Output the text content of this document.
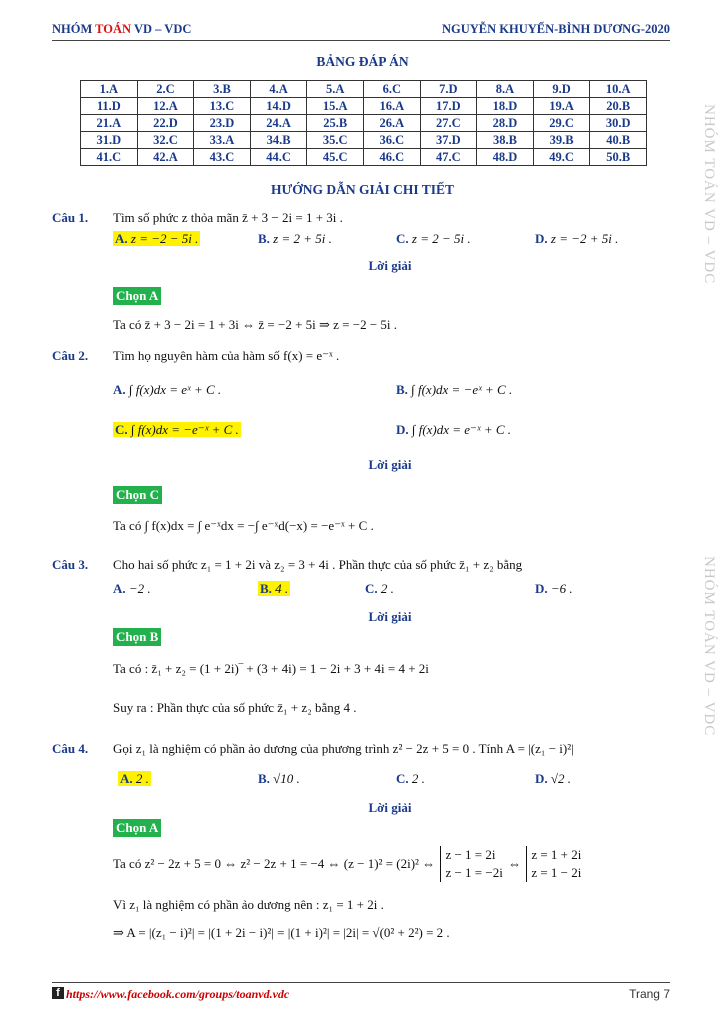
NHÓM TOÁN VD – VDC	NGUYỄN KHUYẾN-BÌNH DƯƠNG-2020
NHÓM TOÁN VD – VDC
NHÓM TOÁN VD – VDC
BẢNG ĐÁP ÁN
1.A	2.C	3.B	4.A	5.A	6.C	7.D	8.A	9.D	10.A
11.D	12.A	13.C	14.D	15.A	16.A	17.D	18.D	19.A	20.B
21.A	22.D	23.D	24.A	25.B	26.A	27.C	28.D	29.C	30.D
31.D	32.C	33.A	34.B	35.C	36.C	37.D	38.B	39.B	40.B
41.C	42.A	43.C	44.C	45.C	46.C	47.C	48.D	49.C	50.B
HƯỚNG DẪN GIẢI CHI TIẾT
Câu 1. Tìm số phức z thỏa mãn z̄ + 3 − 2i = 1 + 3i .
A. z = −2 − 5i .	B. z = 2 + 5i .	C. z = 2 − 5i .	D. z = −2 + 5i .
Lời giải
Chọn A
Ta có z̄ + 3 − 2i = 1 + 3i ⇔ z̄ = −2 + 5i ⇒ z = −2 − 5i .
Câu 2. Tìm họ nguyên hàm của hàm số f(x) = e⁻ˣ .
A. ∫ f(x)dx = eˣ + C .	B. ∫ f(x)dx = −eˣ + C .
C. ∫ f(x)dx = −e⁻ˣ + C .	D. ∫ f(x)dx = e⁻ˣ + C .
Lời giải
Chọn C
Ta có ∫ f(x)dx = ∫ e⁻ˣdx = −∫ e⁻ˣd(−x) = −e⁻ˣ + C .
Câu 3. Cho hai số phức z₁ = 1 + 2i và z₂ = 3 + 4i . Phần thực của số phức z̄₁ + z₂ bằng
A. −2 .	B. 4 .	C. 2 .	D. −6 .
Lời giải
Chọn B
Ta có : z̄₁ + z₂ = (1 + 2i)‾ + (3 + 4i) = 1 − 2i + 3 + 4i = 4 + 2i
Suy ra : Phần thực của số phức z̄₁ + z₂ bằng 4 .
Câu 4. Gọi z₁ là nghiệm có phần ảo dương của phương trình z² − 2z + 5 = 0 . Tính A = |(z₁ − i)²|
A. 2 .	B. √10 .	C. 2 .	D. √2 .
Lời giải
Chọn A
Ta có z² − 2z + 5 = 0 ⇔ z² − 2z + 1 = −4 ⇔ (z − 1)² = (2i)² ⇔
z − 1 = 2i
z − 1 = −2i
⇔
z = 1 + 2i
z = 1 − 2i
Vì z₁ là nghiệm có phần ảo dương nên : z₁ = 1 + 2i .
⇒ A = |(z₁ − i)²| = |(1 + 2i − i)²| = |(1 + i)²| = |2i| = √(0² + 2²) = 2 .
f https://www.facebook.com/groups/toanvd.vdc	Trang 7
